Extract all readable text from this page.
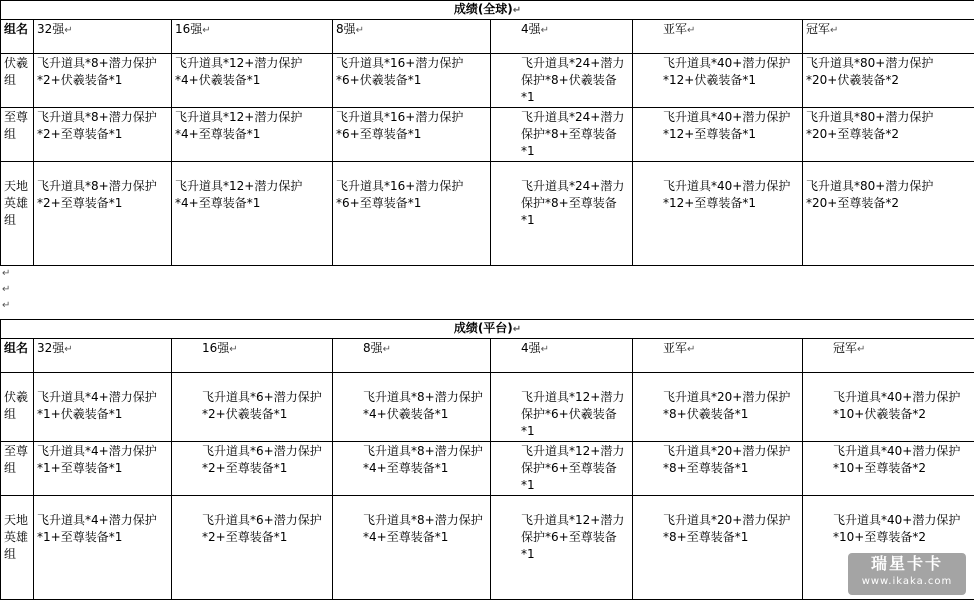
成绩(全球)↵						
组名	32强↵	16强↵	8强↵	4强↵	亚军↵	冠军↵
伏羲组	飞升道具*8+潜力保护*2+伏羲装备*1	飞升道具*12+潜力保护*4+伏羲装备*1	飞升道具*16+潜力保护*6+伏羲装备*1	飞升道具*24+潜力保护*8+伏羲装备*1	飞升道具*40+潜力保护*12+伏羲装备*1	飞升道具*80+潜力保护*20+伏羲装备*2
至尊组	飞升道具*8+潜力保护*2+至尊装备*1	飞升道具*12+潜力保护*4+至尊装备*1	飞升道具*16+潜力保护*6+至尊装备*1	飞升道具*24+潜力保护*8+至尊装备*1	飞升道具*40+潜力保护*12+至尊装备*1	飞升道具*80+潜力保护*20+至尊装备*2
天地英雄组	飞升道具*8+潜力保护*2+至尊装备*1	飞升道具*12+潜力保护*4+至尊装备*1	飞升道具*16+潜力保护*6+至尊装备*1	飞升道具*24+潜力保护*8+至尊装备*1	飞升道具*40+潜力保护*12+至尊装备*1	飞升道具*80+潜力保护*20+至尊装备*2
↵
↵
↵
成绩(平台)↵						
组名	32强↵	16强↵	8强↵	4强↵	亚军↵	冠军↵
伏羲组	飞升道具*4+潜力保护*1+伏羲装备*1	飞升道具*6+潜力保护*2+伏羲装备*1	飞升道具*8+潜力保护*4+伏羲装备*1	飞升道具*12+潜力保护*6+伏羲装备*1	飞升道具*20+潜力保护*8+伏羲装备*1	飞升道具*40+潜力保护*10+伏羲装备*2
至尊组	飞升道具*4+潜力保护*1+至尊装备*1	飞升道具*6+潜力保护*2+至尊装备*1	飞升道具*8+潜力保护*4+至尊装备*1	飞升道具*12+潜力保护*6+至尊装备*1	飞升道具*20+潜力保护*8+至尊装备*1	飞升道具*40+潜力保护*10+至尊装备*2
天地英雄组	飞升道具*4+潜力保护*1+至尊装备*1	飞升道具*6+潜力保护*2+至尊装备*1	飞升道具*8+潜力保护*4+至尊装备*1	飞升道具*12+潜力保护*6+至尊装备*1	飞升道具*20+潜力保护*8+至尊装备*1	飞升道具*40+潜力保护*10+至尊装备*2
瑞星卡卡
www.ikaka.com
